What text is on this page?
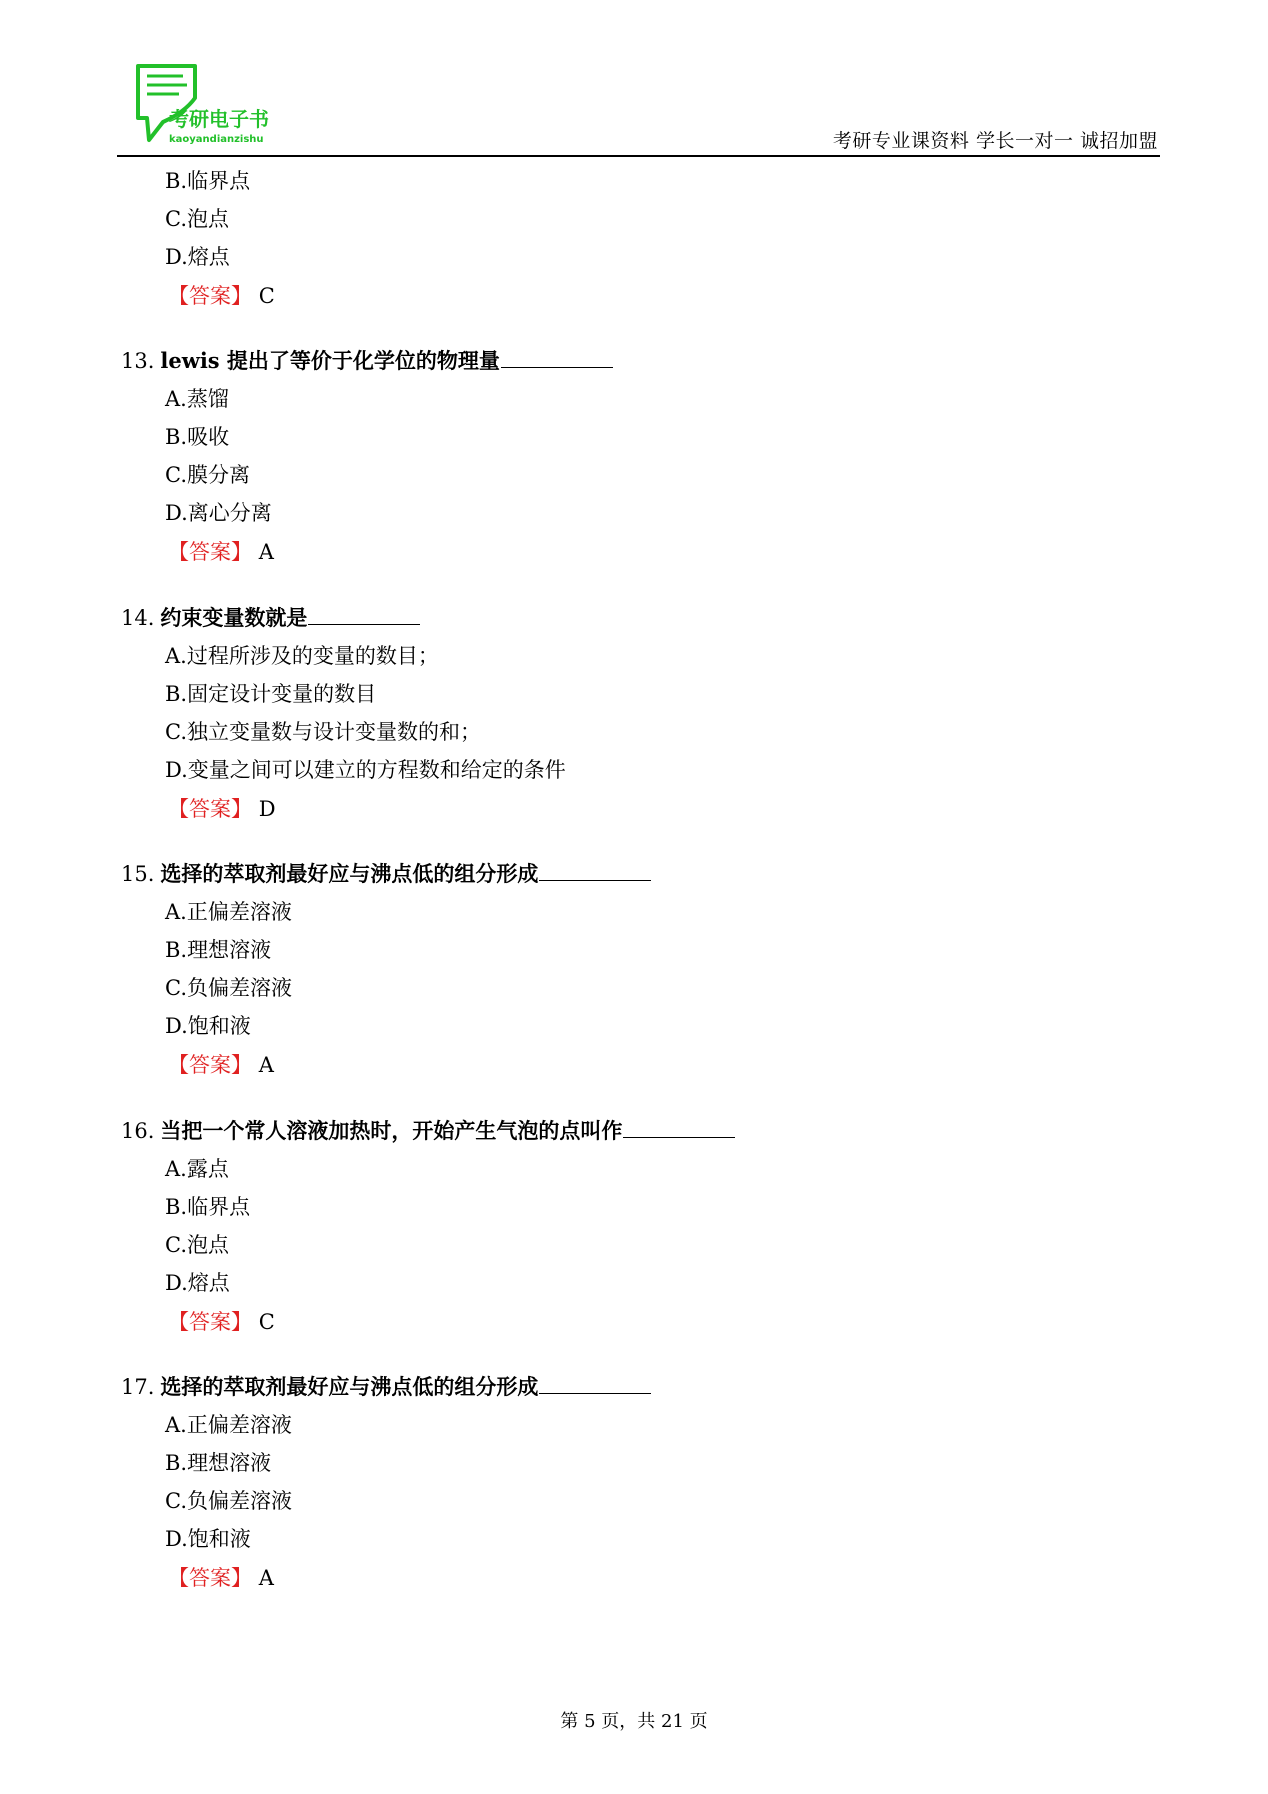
考研电子书
kaoyandianzishu	考研专业课资料 学长一对一 诚招加盟
B.临界点
C.泡点
D.熔点
【答案】 C
13. lewis 提出了等价于化学位的物理量
A.蒸馏
B.吸收
C.膜分离
D.离心分离
【答案】 A
14. 约束变量数就是
A.过程所涉及的变量的数目；
B.固定设计变量的数目
C.独立变量数与设计变量数的和；
D.变量之间可以建立的方程数和给定的条件
【答案】 D
15. 选择的萃取剂最好应与沸点低的组分形成
A.正偏差溶液
B.理想溶液
C.负偏差溶液
D.饱和液
【答案】 A
16. 当把一个常人溶液加热时，开始产生气泡的点叫作
A.露点
B.临界点
C.泡点
D.熔点
【答案】 C
17. 选择的萃取剂最好应与沸点低的组分形成
A.正偏差溶液
B.理想溶液
C.负偏差溶液
D.饱和液
【答案】 A
第 5 页，共 21 页
